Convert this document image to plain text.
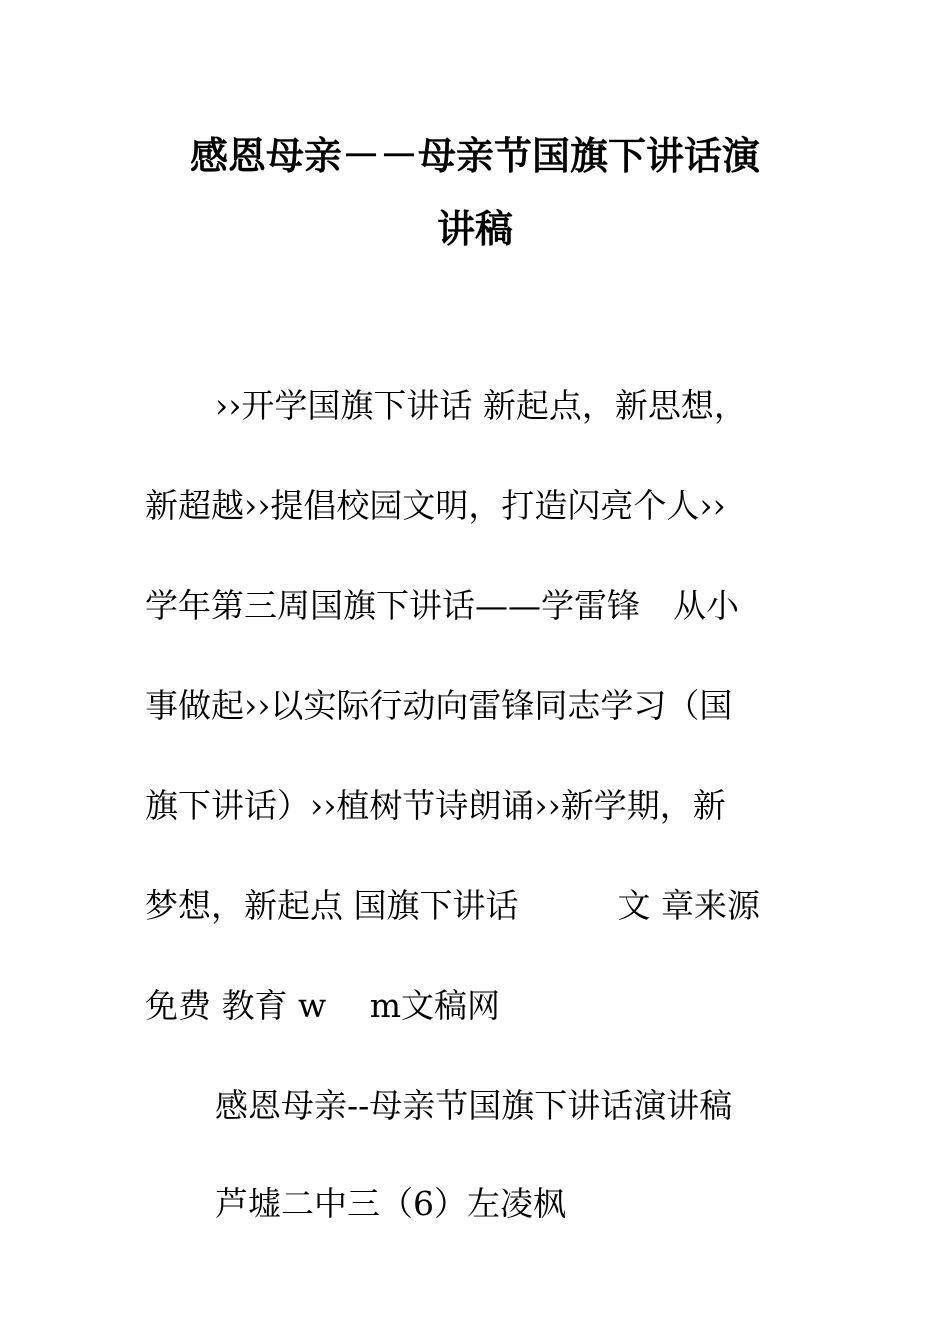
感恩母亲－－母亲节国旗下讲话演
讲稿
››开学国旗下讲话 新起点，新思想，
新超越››提倡校园文明，打造闪亮个人››
学年第三周国旗下讲话——学雷锋　从小
事做起››以实际行动向雷锋同志学习（国
旗下讲话）››植树节诗朗诵››新学期，新
梦想，新起点 国旗下讲话　　　文 章来源
免费 教育 w　 m文稿网
感恩母亲--母亲节国旗下讲话演讲稿
芦墟二中三（6）左凌枫
